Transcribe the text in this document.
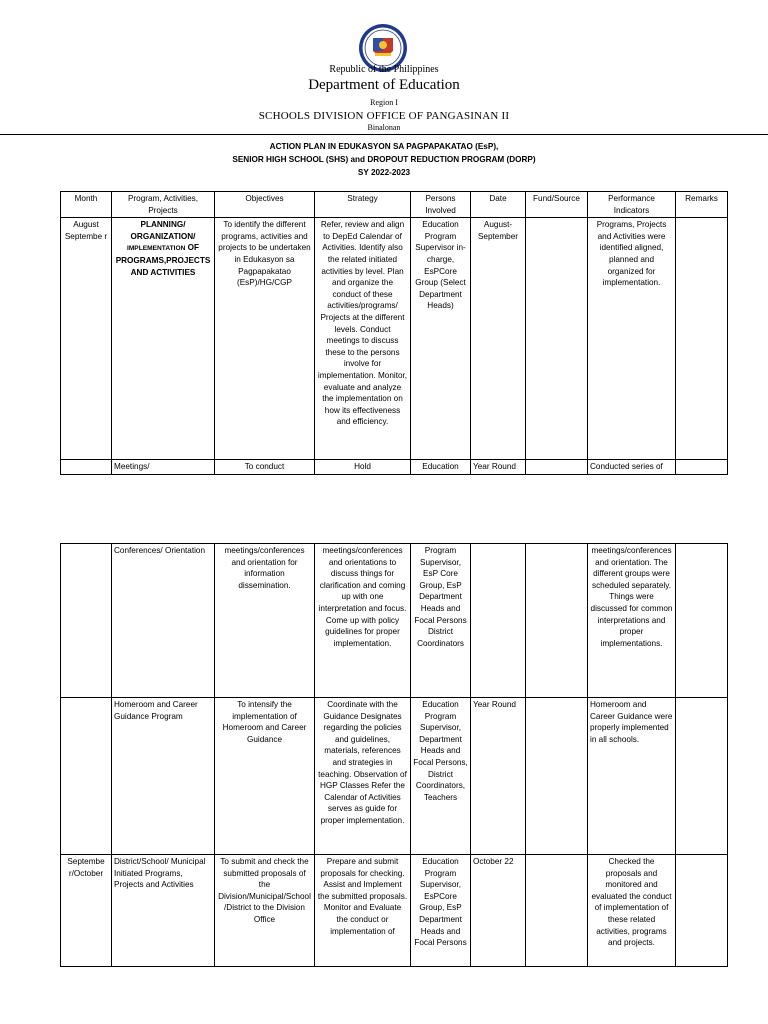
Republic of the Philippines
Department of Education
Region I
SCHOOLS DIVISION OFFICE OF PANGASINAN II
Binalonan
ACTION PLAN IN EDUKASYON SA PAGPAPAKATAO (EsP),
SENIOR HIGH SCHOOL (SHS) and DROPOUT REDUCTION PROGRAM (DORP)
SY 2022-2023
Month	Program, Activities, Projects	Objectives	Strategy	Persons Involved	Date	Fund/Source	Performance Indicators	Remarks
August Septembe r	PLANNING/ ORGANIZATION/
IMPLEMENTATION OF PROGRAMS,PROJECTS AND ACTIVITIES	To identify the different programs, activities and projects to be undertaken in Edukasyon sa Pagpapakatao (EsP)/HG/CGP	Refer, review and align to DepEd Calendar of Activities. Identify also the related initiated activities by level. Plan and organize the conduct of these activities/programs/ Projects at the different levels. Conduct meetings to discuss these to the persons involve for implementation. Monitor, evaluate and analyze the implementation on how its effectiveness and efficiency.	Education Program Supervisor in-charge, EsPCore Group (Select Department Heads)	August-September		Programs, Projects and Activities were identified aligned, planned and organized for implementation.	
	Meetings/	To conduct	Hold	Education	Year Round		Conducted series of	
	Conferences/ Orientation	meetings/conferences and orientation for information dissemination.	meetings/conferences and orientations to discuss things for clarification and coming up with one interpretation and focus.
Come up with policy guidelines for proper implementation.	Program Supervisor, EsP Core Group, EsP Department Heads and Focal Persons District Coordinators			meetings/conferences and orientation. The different groups were scheduled separately. Things were discussed for common interpretations and proper implementations.	
	Homeroom and Career Guidance Program	To intensify the implementation of Homeroom and Career Guidance	Coordinate with the Guidance Designates regarding the policies and guidelines, materials, references and strategies in teaching. Observation of HGP Classes Refer the Calendar of Activities serves as guide for proper implementation.	Education Program Supervisor, Department Heads and Focal Persons, District Coordinators, Teachers	Year Round		Homeroom and Career Guidance were properly implemented in all schools.	
Septembe r/October	District/School/ Municipal Initiated Programs, Projects and Activities	To submit and check the submitted proposals of the Division/Municipal/School/District to the Division Office	Prepare and submit proposals for checking. Assist and Implement the submitted proposals. Monitor and Evaluate the conduct or implementation of	Education Program Supervisor, EsPCore Group, EsP Department Heads and Focal Persons	October 22		Checked the proposals and monitored and evaluated the conduct of implementation of these related activities, programs and projects.	
